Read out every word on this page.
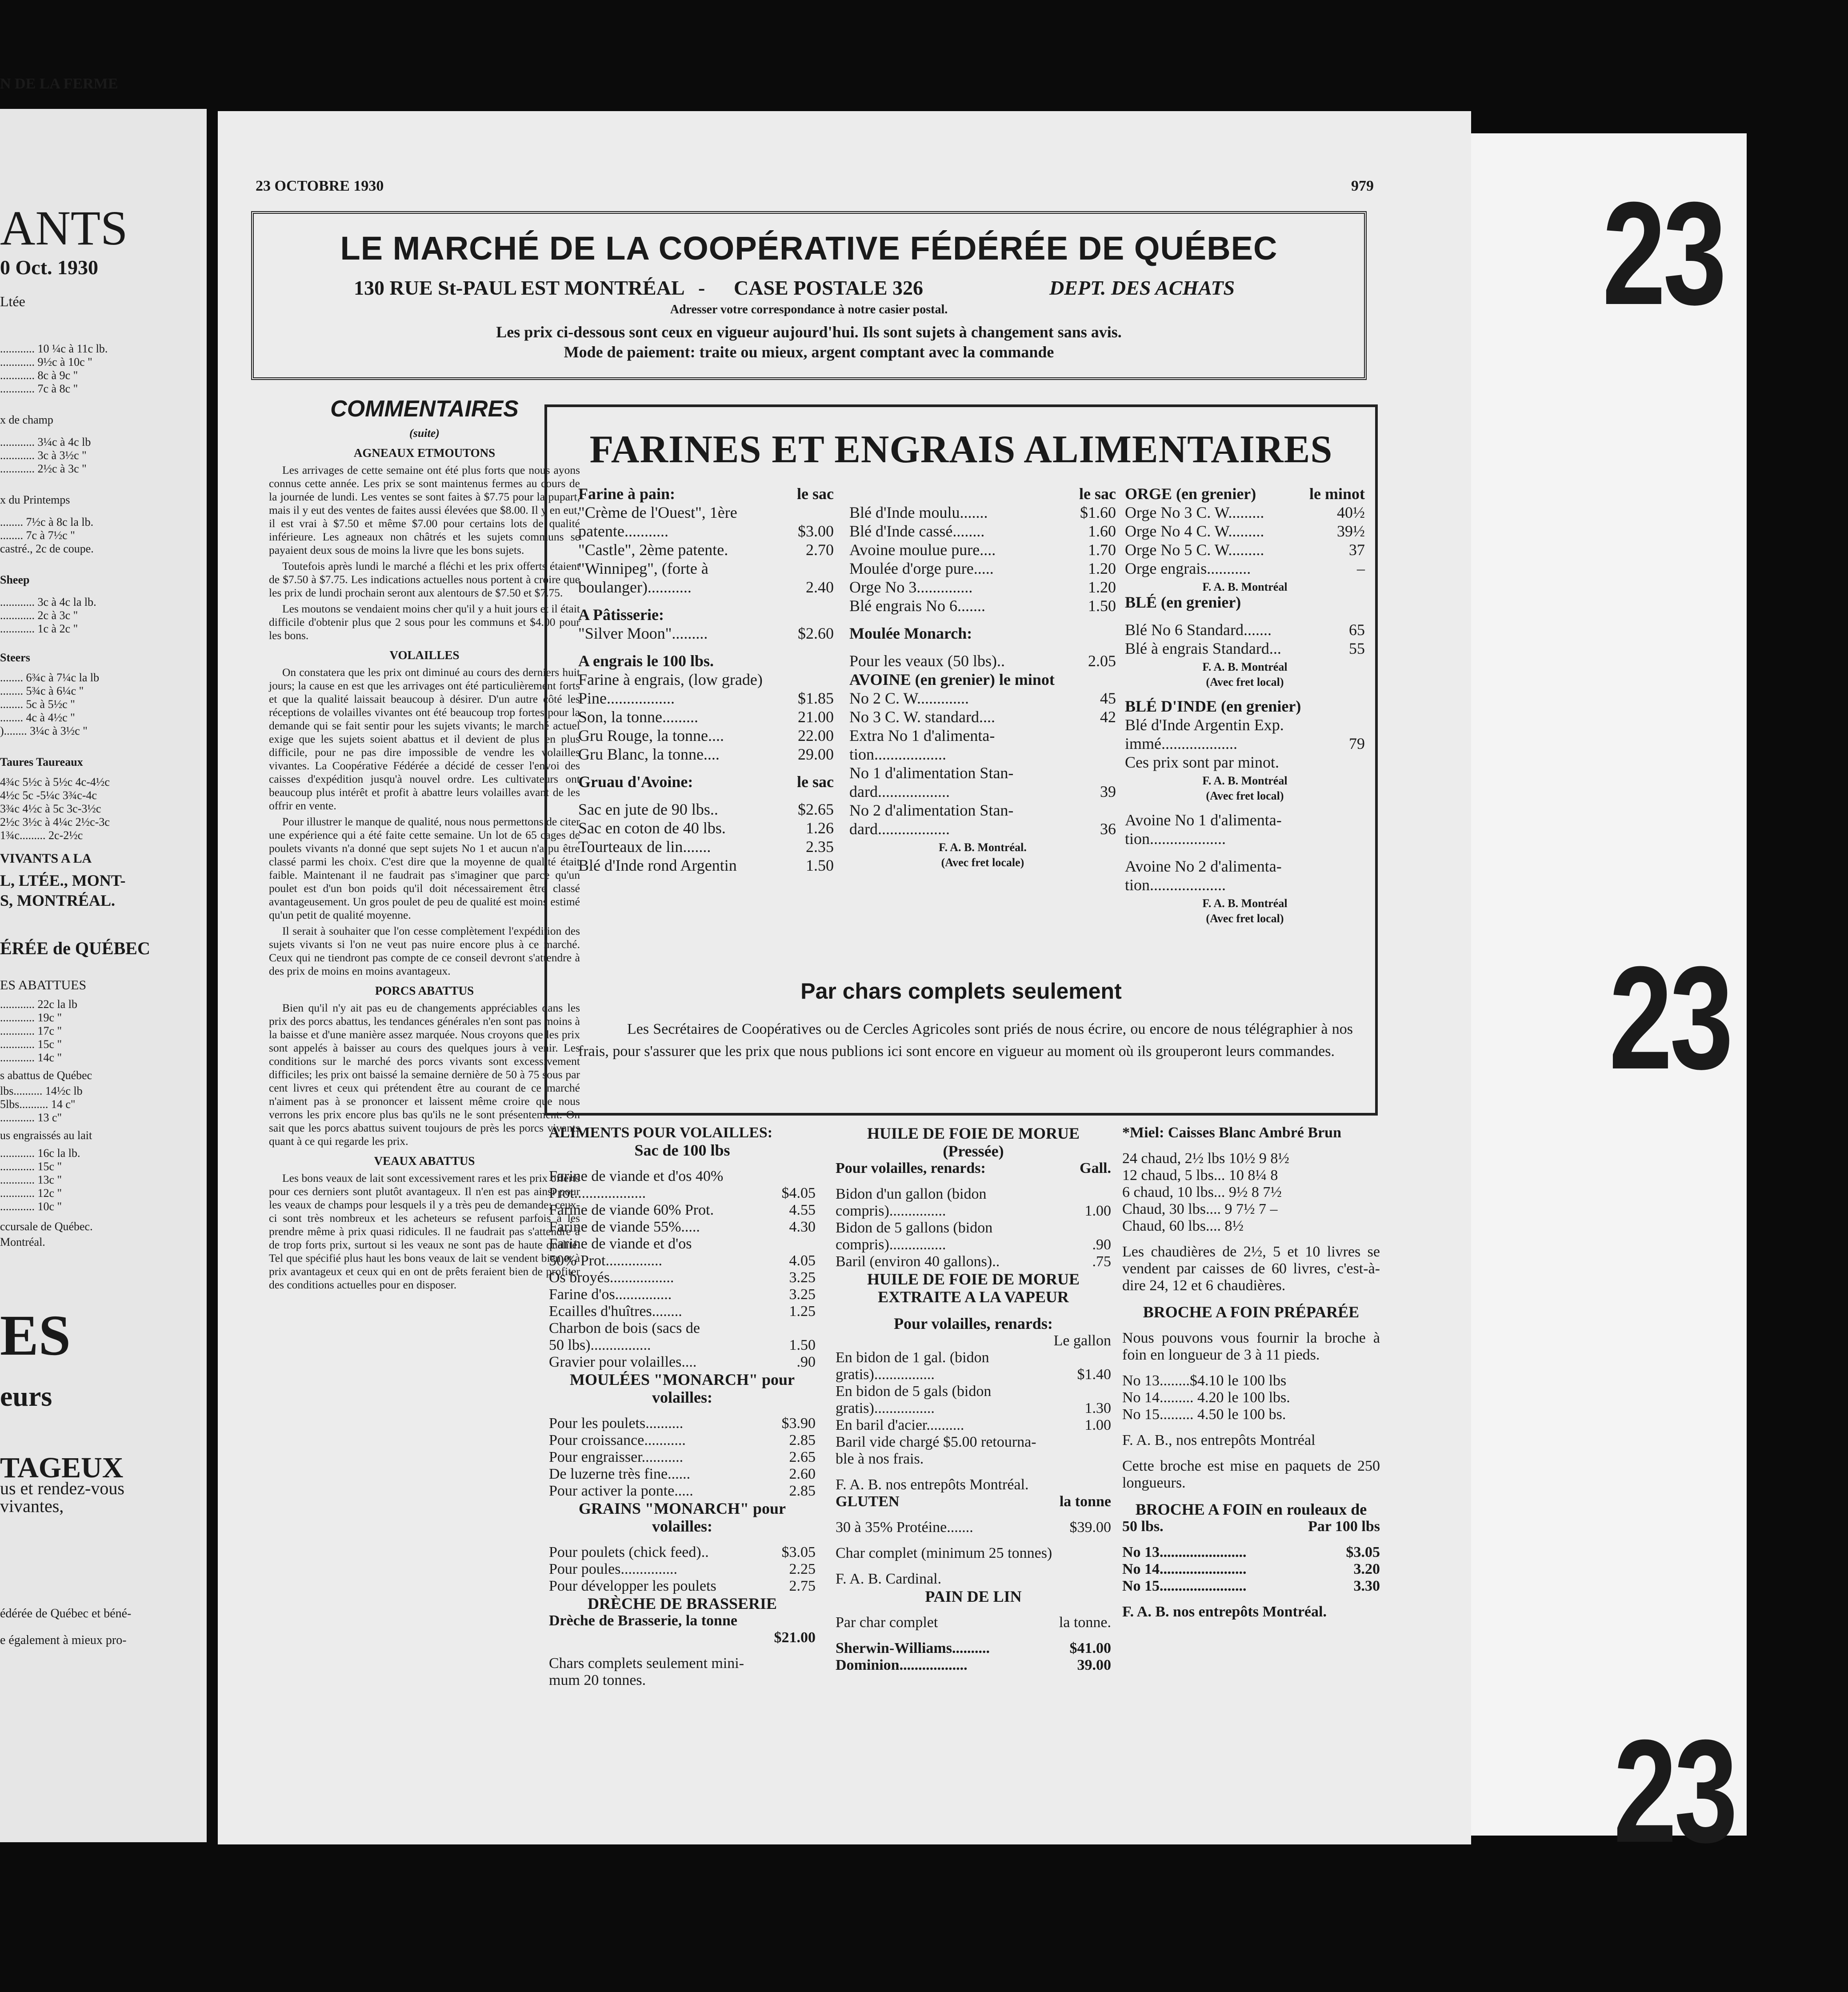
N DE LA FERME
ANTS
0 Oct. 1930
Ltée
............ 10 ¼c à 11c lb.
............ 9½c à 10c "
............ 8c à 9c "
............ 7c à 8c "
x de champ
............ 3¼c à 4c lb
............ 3c à 3½c "
............ 2½c à 3c "
x du Printemps
........ 7½c à 8c la lb.
........ 7c à 7½c "
castré., 2c de coupe.
Sheep
............ 3c à 4c la lb.
............ 2c à 3c "
............ 1c à 2c "
Steers
........ 6¾c à 7¼c la lb
........ 5¾c à 6¼c "
........ 5c à 5½c "
........ 4c à 4½c "
)........ 3¼c à 3½c "
Taures Taureaux
4¾c 5½c à 5½c 4c-4½c
4½c 5c -5¼c 3¾c-4c
3¾c 4½c à 5c 3c-3½c
2½c 3½c à 4¼c 2½c-3c
1¾c......... 2c-2½c
VIVANTS A LA
L, LTÉE., MONT-
S, MONTRÉAL.
ÉRÉE de QUÉBEC
ES ABATTUES
............ 22c la lb
............ 19c "
............ 17c "
............ 15c "
............ 14c "
s abattus de Québec
lbs.......... 14½c lb
5lbs.......... 14 c"
............ 13 c"
us engraissés au lait
............ 16c la lb.
............ 15c "
............ 13c "
............ 12c "
............ 10c "
ccursale de Québec.
Montréal.
ES
eurs
TAGEUX
us et rendez-vous
vivantes,
édérée de Québec et béné-
e également à mieux pro-
23 OCTOBRE 1930	979
LE MARCHÉ DE LA COOPÉRATIVE FÉDÉRÉE DE QUÉBEC
130 RUE St-PAUL EST MONTRÉAL - CASE POSTALE 326	DEPT. DES ACHATS
Adresser votre correspondance à notre casier postal.
Les prix ci-dessous sont ceux en vigueur aujourd'hui. Ils sont sujets à changement sans avis.
Mode de paiement: traite ou mieux, argent comptant avec la commande
COMMENTAIRES
(suite)
AGNEAUX ETMOUTONS

Les arrivages de cette semaine ont été plus forts que nous ayons connus cette année. Les prix se sont maintenus fermes au cours de la journée de lundi. Les ventes se sont faites à $7.75 pour la pupart, mais il y eut des ventes de faites aussi élevées que $8.00. Il y en eut, il est vrai à $7.50 et même $7.00 pour certains lots de qualité inférieure. Les agneaux non châtrés et les sujets communs se payaient deux sous de moins la livre que les bons sujets.

Toutefois après lundi le marché a fléchi et les prix offerts étaient de $7.50 à $7.75. Les indications actuelles nous portent à croire que les prix de lundi prochain seront aux alentours de $7.50 et $7.75.

Les moutons se vendaient moins cher qu'il y a huit jours et il était difficile d'obtenir plus que 2 sous pour les communs et $4.00 pour les bons.

VOLAILLES

On constatera que les prix ont diminué au cours des derniers huit jours; la cause en est que les arrivages ont été particulièrement forts et que la qualité laissait beaucoup à désirer. D'un autre côté les réceptions de volailles vivantes ont été beaucoup trop fortes pour la demande qui se fait sentir pour les sujets vivants; le marché actuel exige que les sujets soient abattus et il devient de plus en plus difficile, pour ne pas dire impossible de vendre les volailles vivantes. La Coopérative Fédérée a décidé de cesser l'envoi des caisses d'expédition jusqu'à nouvel ordre. Les cultivateurs ont beaucoup plus intérêt et profit à abattre leurs volailles avant de les offrir en vente.

Pour illustrer le manque de qualité, nous nous permettons de citer une expérience qui a été faite cette semaine. Un lot de 65 cages de poulets vivants n'a donné que sept sujets No 1 et aucun n'a pu être classé parmi les choix. C'est dire que la moyenne de qualité était faible. Maintenant il ne faudrait pas s'imaginer que parce qu'un poulet est d'un bon poids qu'il doit nécessairement être classé avantageusement. Un gros poulet de peu de qualité est moins estimé qu'un petit de qualité moyenne.

Il serait à souhaiter que l'on cesse complètement l'expédition des sujets vivants si l'on ne veut pas nuire encore plus à ce marché. Ceux qui ne tiendront pas compte de ce conseil devront s'attendre à des prix de moins en moins avantageux.

PORCS ABATTUS

Bien qu'il n'y ait pas eu de changements appréciables dans les prix des porcs abattus, les tendances générales n'en sont pas moins à la baisse et d'une manière assez marquée. Nous croyons que les prix sont appelés à baisser au cours des quelques jours à venir. Les conditions sur le marché des porcs vivants sont excessivement difficiles; les prix ont baissé la semaine dernière de 50 à 75 sous par cent livres et ceux qui prétendent être au courant de ce marché n'aiment pas à se prononcer et laissent même croire que nous verrons les prix encore plus bas qu'ils ne le sont présentement. On sait que les porcs abattus suivent toujours de près les porcs vivants quant à ce qui regarde les prix.

VEAUX ABATTUS

Les bons veaux de lait sont excessivement rares et les prix offerts pour ces derniers sont plutôt avantageux. Il n'en est pas ainsi pour les veaux de champs pour lesquels il y a très peu de demande; ceux-ci sont très nombreux et les acheteurs se refusent parfois à les prendre même à prix quasi ridicules. Il ne faudrait pas s'attendre à de trop forts prix, surtout si les veaux ne sont pas de haute qualité. Tel que spécifié plus haut les bons veaux de lait se vendent bien et à prix avantageux et ceux qui en ont de prêts feraient bien de profiter des conditions actuelles pour en disposer.

FARINES ET ENGRAIS ALIMENTAIRES
Farine à pain:	le sac
"Crème de l'Ouest", 1ère
patente...........	$3.00
"Castle", 2ème patente.	2.70
"Winnipeg", (forte à
boulanger)...........	2.40
A Pâtisserie:
"Silver Moon".........	$2.60
A engrais le 100 lbs.
Farine à engrais, (low grade)
Pine.................	$1.85
Son, la tonne.........	21.00
Gru Rouge, la tonne....	22.00
Gru Blanc, la tonne....	29.00
Gruau d'Avoine:	le sac
Sac en jute de 90 lbs..	$2.65
Sac en coton de 40 lbs.	1.26
Tourteaux de lin.......	2.35
Blé d'Inde rond Argentin	1.50
le sac
Blé d'Inde moulu.......	$1.60
Blé d'Inde cassé........	1.60
Avoine moulue pure....	1.70
Moulée d'orge pure.....	1.20
Orge No 3..............	1.20
Blé engrais No 6.......	1.50
Moulée Monarch:
Pour les veaux (50 lbs)..	2.05
AVOINE (en grenier) le minot
No 2 C. W.............	45
No 3 C. W. standard....	42
Extra No 1 d'alimenta-
tion..................
No 1 d'alimentation Stan-
dard..................	39
No 2 d'alimentation Stan-
dard..................	36
F. A. B. Montréal.
(Avec fret locale)
ORGE (en grenier)	le minot
Orge No 3 C. W.........	40½
Orge No 4 C. W.........	39½
Orge No 5 C. W.........	37
Orge engrais...........	–
F. A. B. Montréal
BLÉ (en grenier)
Blé No 6 Standard.......	65
Blé à engrais Standard...	55
F. A. B. Montréal
(Avec fret local)
BLÉ D'INDE (en grenier)
Blé d'Inde Argentin Exp.
immé...................	79
Ces prix sont par minot.
F. A. B. Montréal
(Avec fret local)
Avoine No 1 d'alimenta-
tion...................
Avoine No 2 d'alimenta-
tion...................
F. A. B. Montréal
(Avec fret local)
Par chars complets seulement
Les Secrétaires de Coopératives ou de Cercles Agricoles sont priés de nous écrire, ou encore de nous télégraphier à nos frais, pour s'assurer que les prix que nous publions ici sont encore en vigueur au moment où ils grouperont leurs commandes.
ALIMENTS POUR VOLAILLES:
Sac de 100 lbs
Farine de viande et d'os 40%
Prot...................	$4.05
Farine de viande 60% Prot.	4.55
Farine de viande 55%.....	4.30
Farine de viande et d'os
50% Prot...............	4.05
Os broyés.................	3.25
Farine d'os...............	3.25
Ecailles d'huîtres........	1.25
Charbon de bois (sacs de
50 lbs)................	1.50
Gravier pour volailles....	.90
MOULÉES "MONARCH" pour volailles:
Pour les poulets..........	$3.90
Pour croissance...........	2.85
Pour engraisser...........	2.65
De luzerne très fine......	2.60
Pour activer la ponte.....	2.85
GRAINS "MONARCH" pour volailles:
Pour poulets (chick feed)..	$3.05
Pour poules...............	2.25
Pour développer les poulets	2.75
DRÈCHE DE BRASSERIE
Drèche de Brasserie, la tonne
$21.00
Chars complets seulement mini-
mum 20 tonnes.
HUILE DE FOIE DE MORUE
(Pressée)
Pour volailles, renards:	Gall.
Bidon d'un gallon (bidon
compris)...............	1.00
Bidon de 5 gallons (bidon
compris)...............	.90
Baril (environ 40 gallons)..	.75
HUILE DE FOIE DE MORUE EXTRAITE A LA VAPEUR
Pour volailles, renards:
Le gallon
En bidon de 1 gal. (bidon
gratis)................	$1.40
En bidon de 5 gals (bidon
gratis)................	1.30
En baril d'acier..........	1.00
Baril vide chargé $5.00 retourna-
ble à nos frais.
F. A. B. nos entrepôts Montréal.
GLUTEN	la tonne
30 à 35% Protéine.......	$39.00
Char complet (minimum 25 tonnes)
F. A. B. Cardinal.
PAIN DE LIN
Par char complet	la tonne.
Sherwin-Williams..........	$41.00
Dominion..................	39.00
*Miel: Caisses Blanc Ambré Brun
24 chaud, 2½ lbs 10½ 9 8½
12 chaud, 5 lbs... 10 8¼ 8
6 chaud, 10 lbs... 9½ 8 7½
Chaud, 30 lbs.... 9 7½ 7 –
Chaud, 60 lbs.... 8½

Les chaudières de 2½, 5 et 10 livres se vendent par caisses de 60 livres, c'est-à-dire 24, 12 et 6 chaudières.

BROCHE A FOIN PRÉPARÉE

Nous pouvons vous fournir la broche à foin en longueur de 3 à 11 pieds.

No 13........$4.10 le 100 lbs
No 14......... 4.20 le 100 lbs.
No 15......... 4.50 le 100 bs.
F. A. B., nos entrepôts Montréal

Cette broche est mise en paquets de 250 longueurs.

BROCHE A FOIN en rouleaux de
50 lbs.	Par 100 lbs
No 13.......................	$3.05
No 14.......................	3.20
No 15.......................	3.30
F. A. B. nos entrepôts Montréal.
23
23
23
